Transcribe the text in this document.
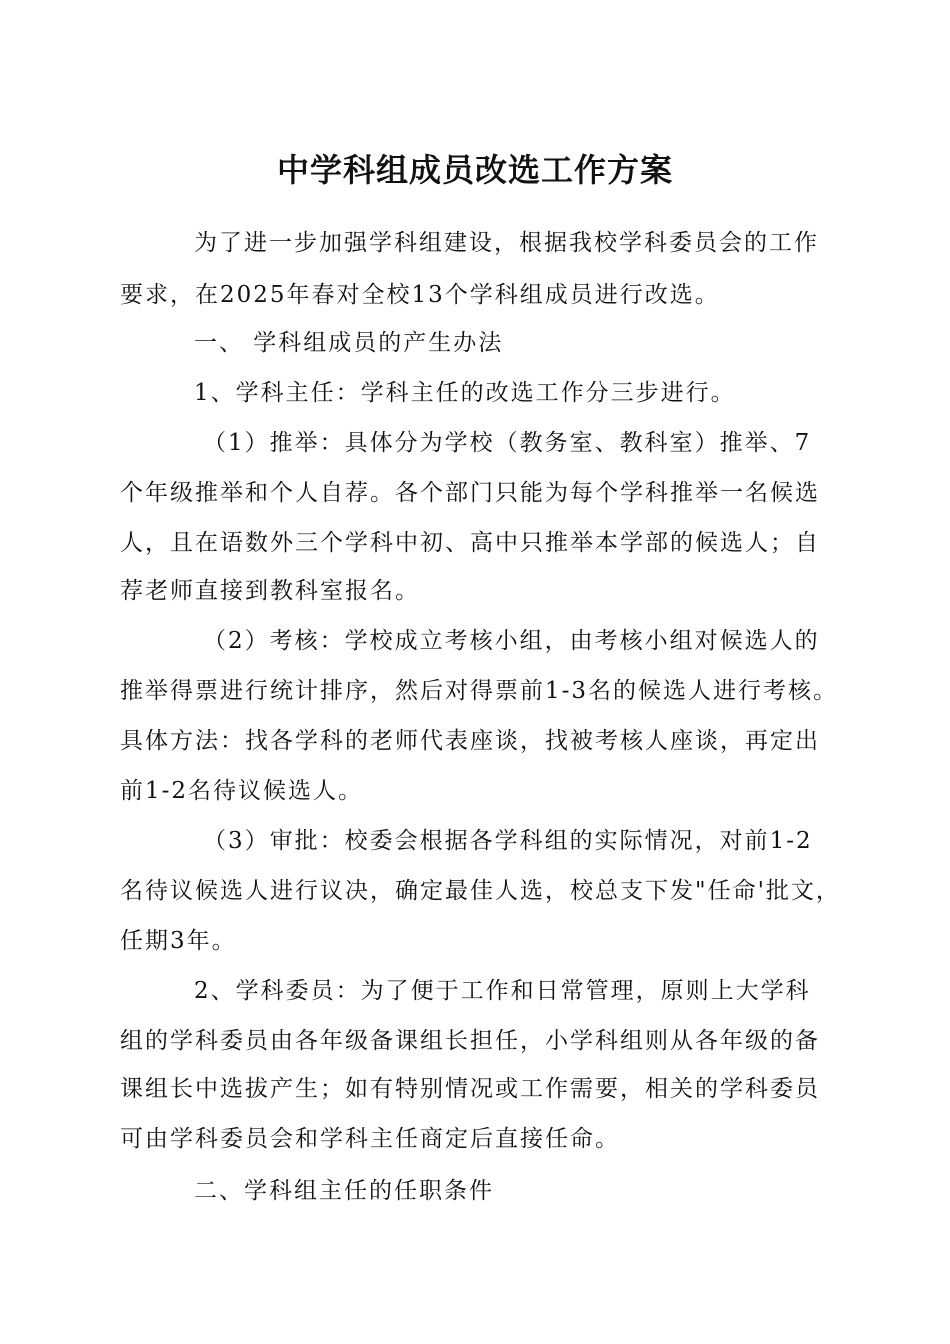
中学科组成员改选工作方案
为了进一步加强学科组建设，根据我校学科委员会的工作
要求，在2025年春对全校13个学科组成员进行改选。
一、 学科组成员的产生办法
1、学科主任：学科主任的改选工作分三步进行。
（1）推举：具体分为学校（教务室、教科室）推举、7
个年级推举和个人自荐。各个部门只能为每个学科推举一名候选
人，且在语数外三个学科中初、高中只推举本学部的候选人；自
荐老师直接到教科室报名。
（2）考核：学校成立考核小组，由考核小组对候选人的
推举得票进行统计排序，然后对得票前1-3名的候选人进行考核。
具体方法：找各学科的老师代表座谈，找被考核人座谈，再定出
前1-2名待议候选人。
（3）审批：校委会根据各学科组的实际情况，对前1-2
名待议候选人进行议决，确定最佳人选，校总支下发"任命'批文，
任期3年。
2、学科委员：为了便于工作和日常管理，原则上大学科
组的学科委员由各年级备课组长担任，小学科组则从各年级的备
课组长中选拔产生；如有特别情况或工作需要，相关的学科委员
可由学科委员会和学科主任商定后直接任命。
二、学科组主任的任职条件
